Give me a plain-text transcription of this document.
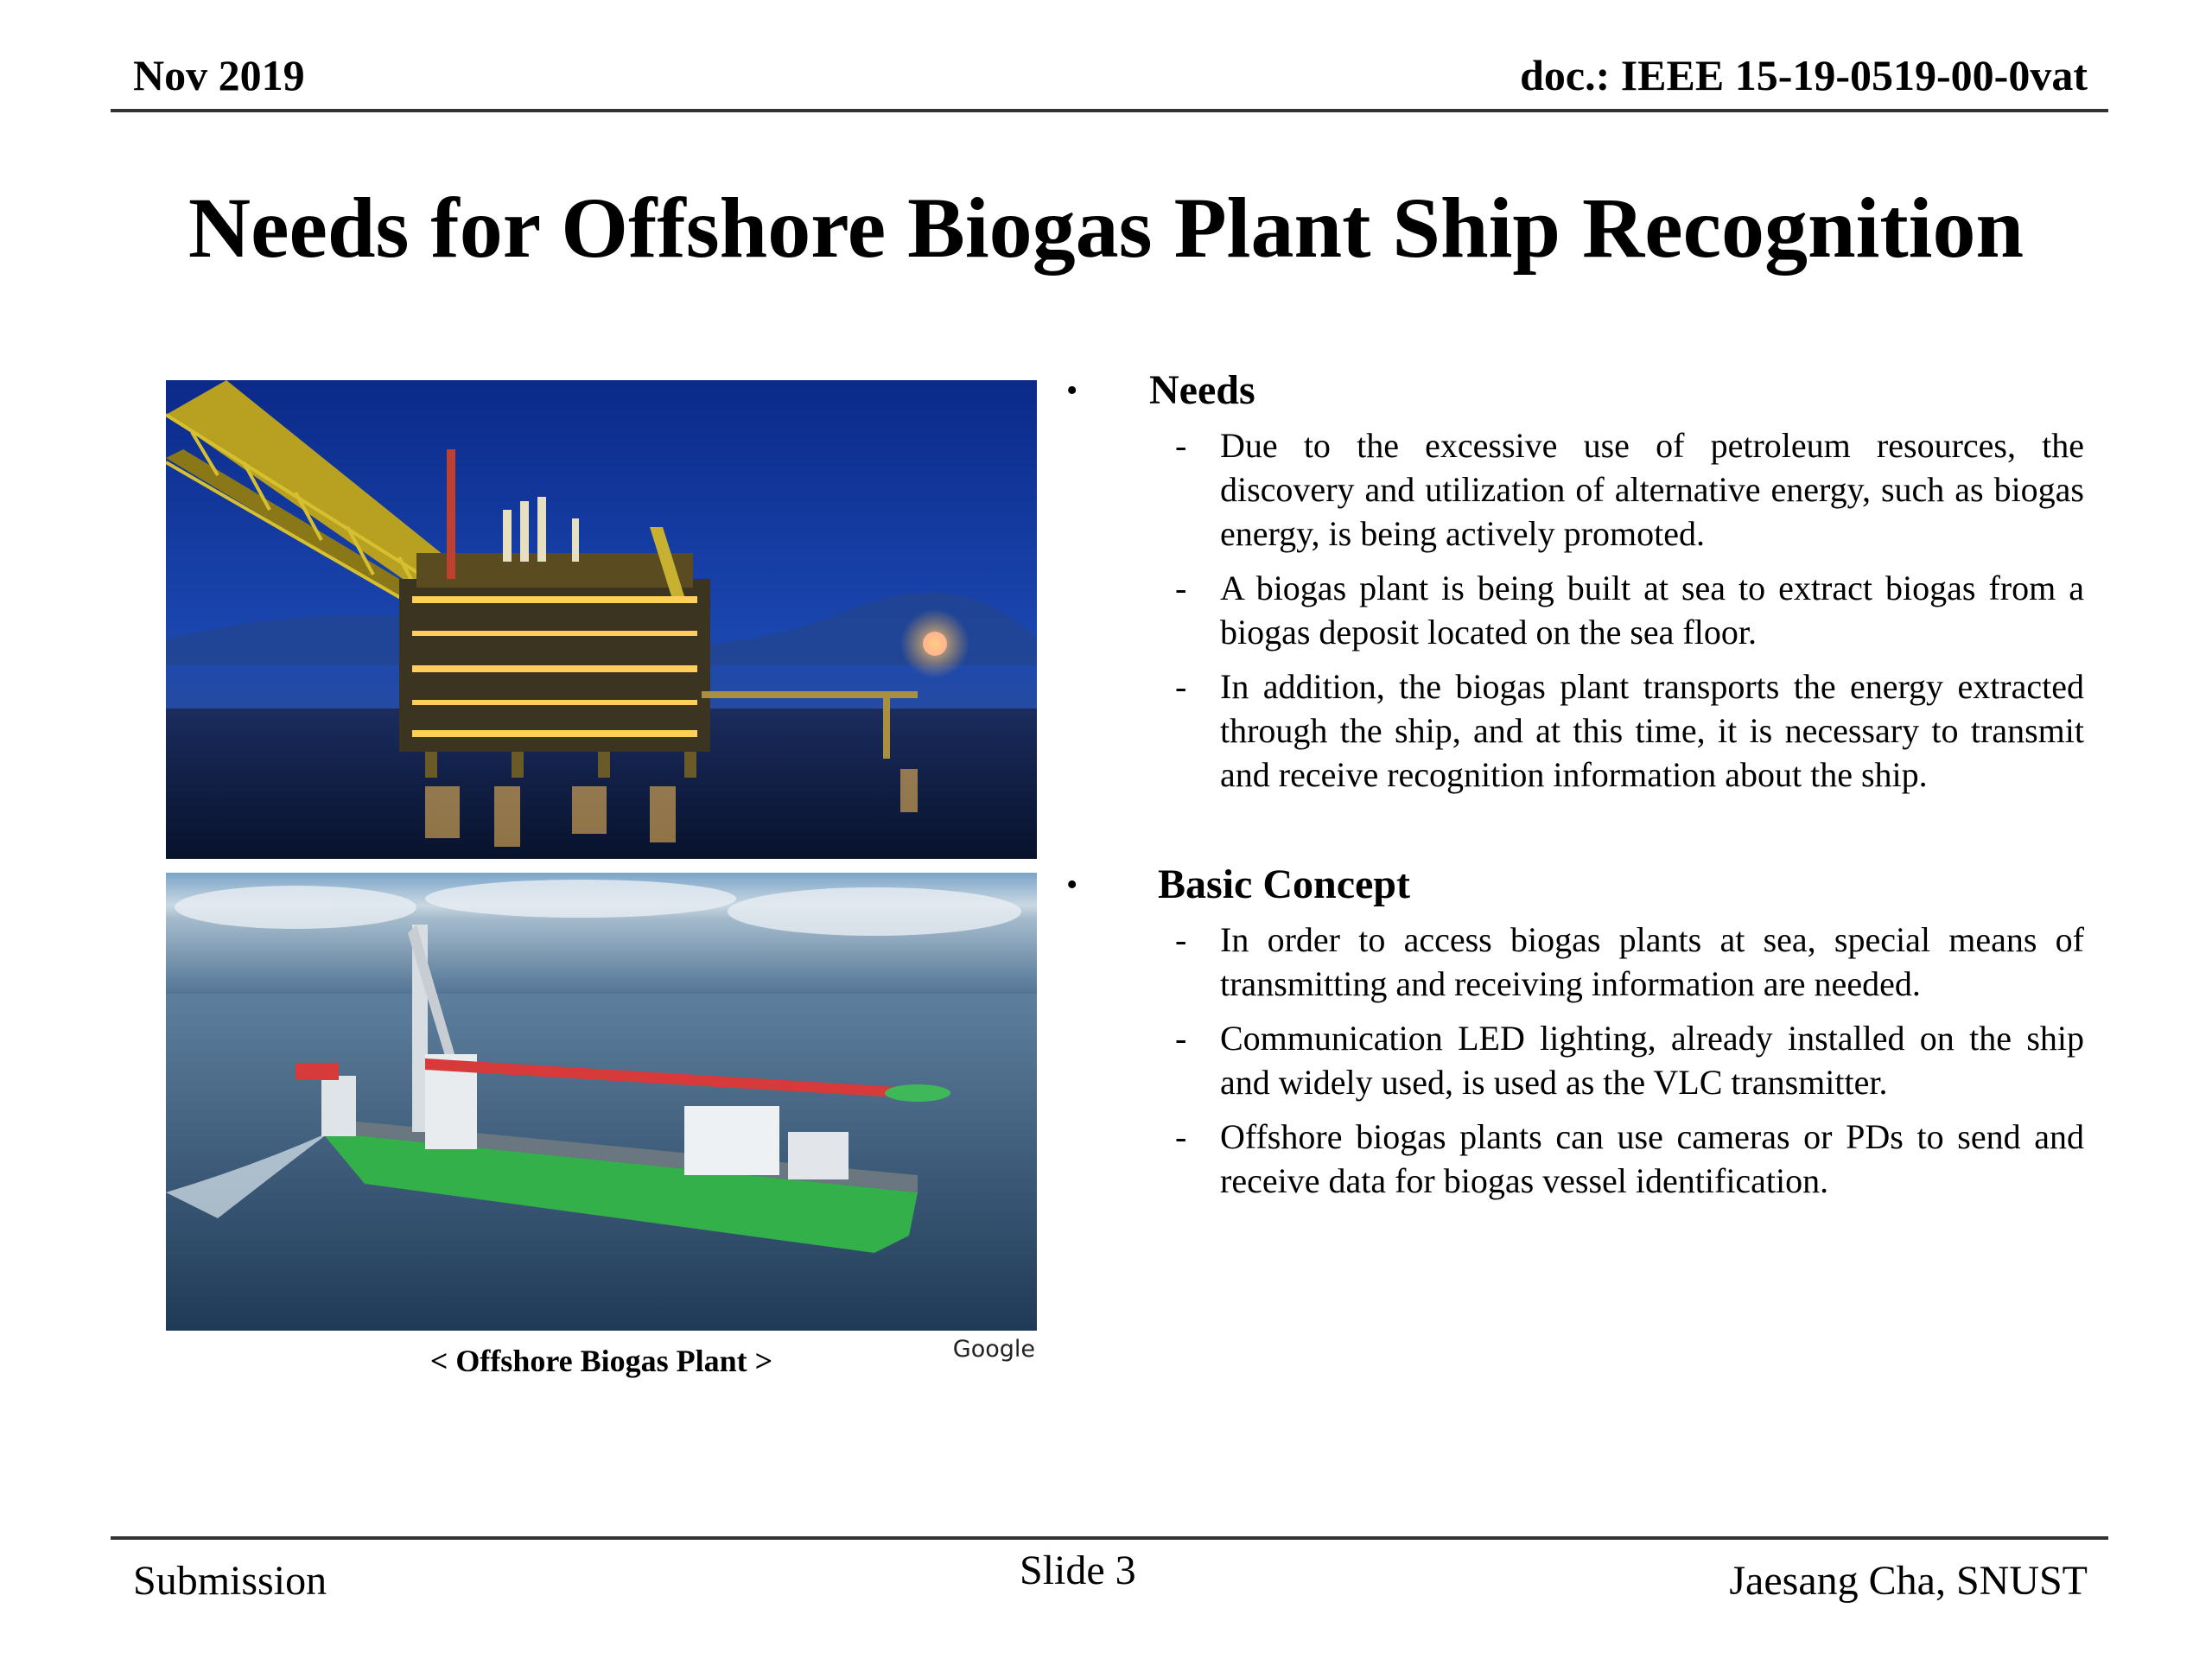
Nov 2019	doc.: IEEE 15-19-0519-00-0vat
Needs for Offshore Biogas Plant Ship Recognition
< Offshore Biogas Plant >	Google
• Needs
- Due to the excessive use of petroleum resources, the discovery and utilization of alternative energy, such as biogas energy, is being actively promoted.
- A biogas plant is being built at sea to extract biogas from a biogas deposit located on the sea floor.
- In addition, the biogas plant transports the energy extracted through the ship, and at this time, it is necessary to transmit and receive recognition information about the ship.
• Basic Concept
- In order to access biogas plants at sea, special means of transmitting and receiving information are needed.
- Communication LED lighting, already installed on the ship and widely used, is used as the VLC transmitter.
- Offshore biogas plants can use cameras or PDs to send and receive data for biogas vessel identification.
Submission	Slide 3	Jaesang Cha, SNUST
